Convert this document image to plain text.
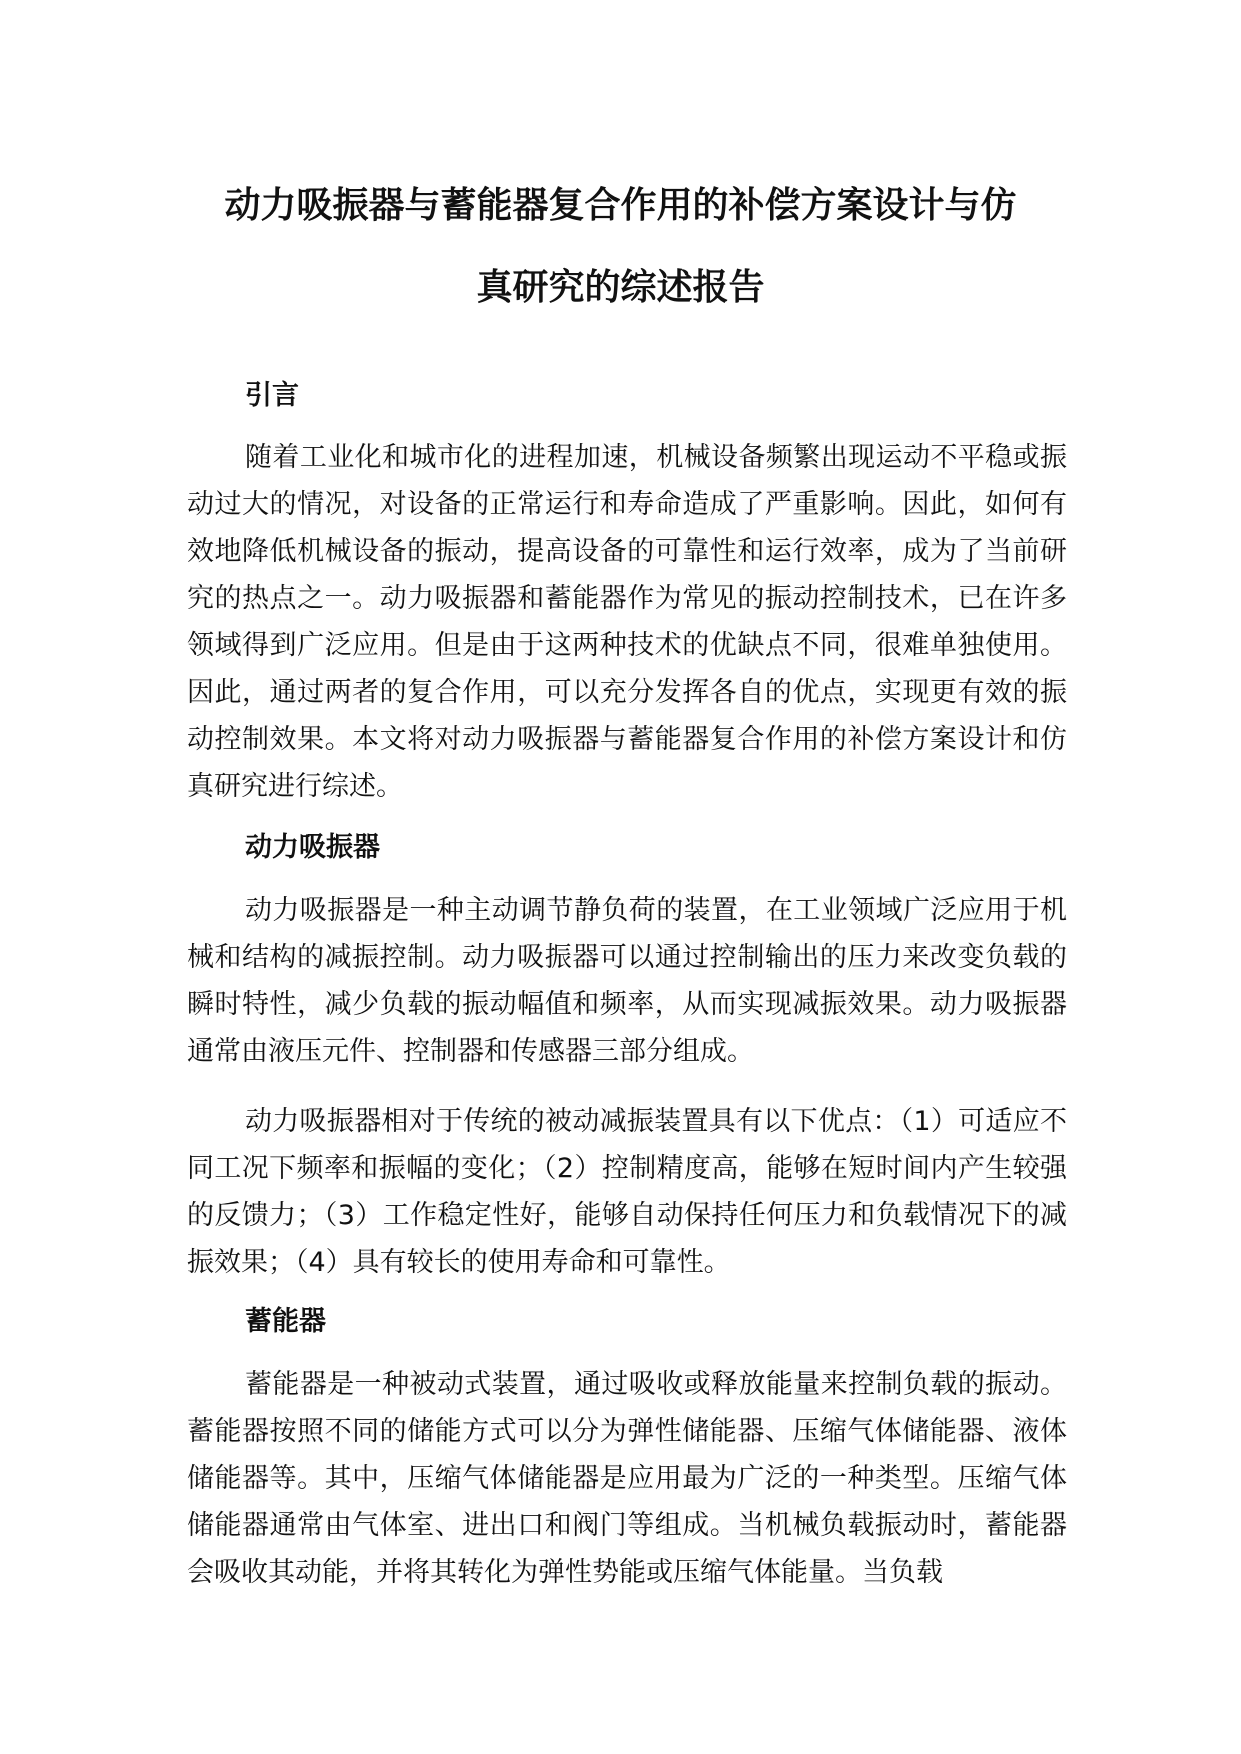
动力吸振器与蓄能器复合作用的补偿方案设计与仿
真研究的综述报告
引言

随着工业化和城市化的进程加速，机械设备频繁出现运动不平稳或振动过大的情况，对设备的正常运行和寿命造成了严重影响。因此，如何有效地降低机械设备的振动，提高设备的可靠性和运行效率，成为了当前研究的热点之一。动力吸振器和蓄能器作为常见的振动控制技术，已在许多领域得到广泛应用。但是由于这两种技术的优缺点不同，很难单独使用。因此，通过两者的复合作用，可以充分发挥各自的优点，实现更有效的振动控制效果。本文将对动力吸振器与蓄能器复合作用的补偿方案设计和仿真研究进行综述。

动力吸振器

动力吸振器是一种主动调节静负荷的装置，在工业领域广泛应用于机械和结构的减振控制。动力吸振器可以通过控制输出的压力来改变负载的瞬时特性，减少负载的振动幅值和频率，从而实现减振效果。动力吸振器通常由液压元件、控制器和传感器三部分组成。

动力吸振器相对于传统的被动减振装置具有以下优点：（1）可适应不同工况下频率和振幅的变化；（2）控制精度高，能够在短时间内产生较强的反馈力；（3）工作稳定性好，能够自动保持任何压力和负载情况下的减振效果；（4）具有较长的使用寿命和可靠性。

蓄能器

蓄能器是一种被动式装置，通过吸收或释放能量来控制负载的振动。蓄能器按照不同的储能方式可以分为弹性储能器、压缩气体储能器、液体储能器等。其中，压缩气体储能器是应用最为广泛的一种类型。压缩气体储能器通常由气体室、进出口和阀门等组成。当机械负载振动时，蓄能器会吸收其动能，并将其转化为弹性势能或压缩气体能量。当负载
